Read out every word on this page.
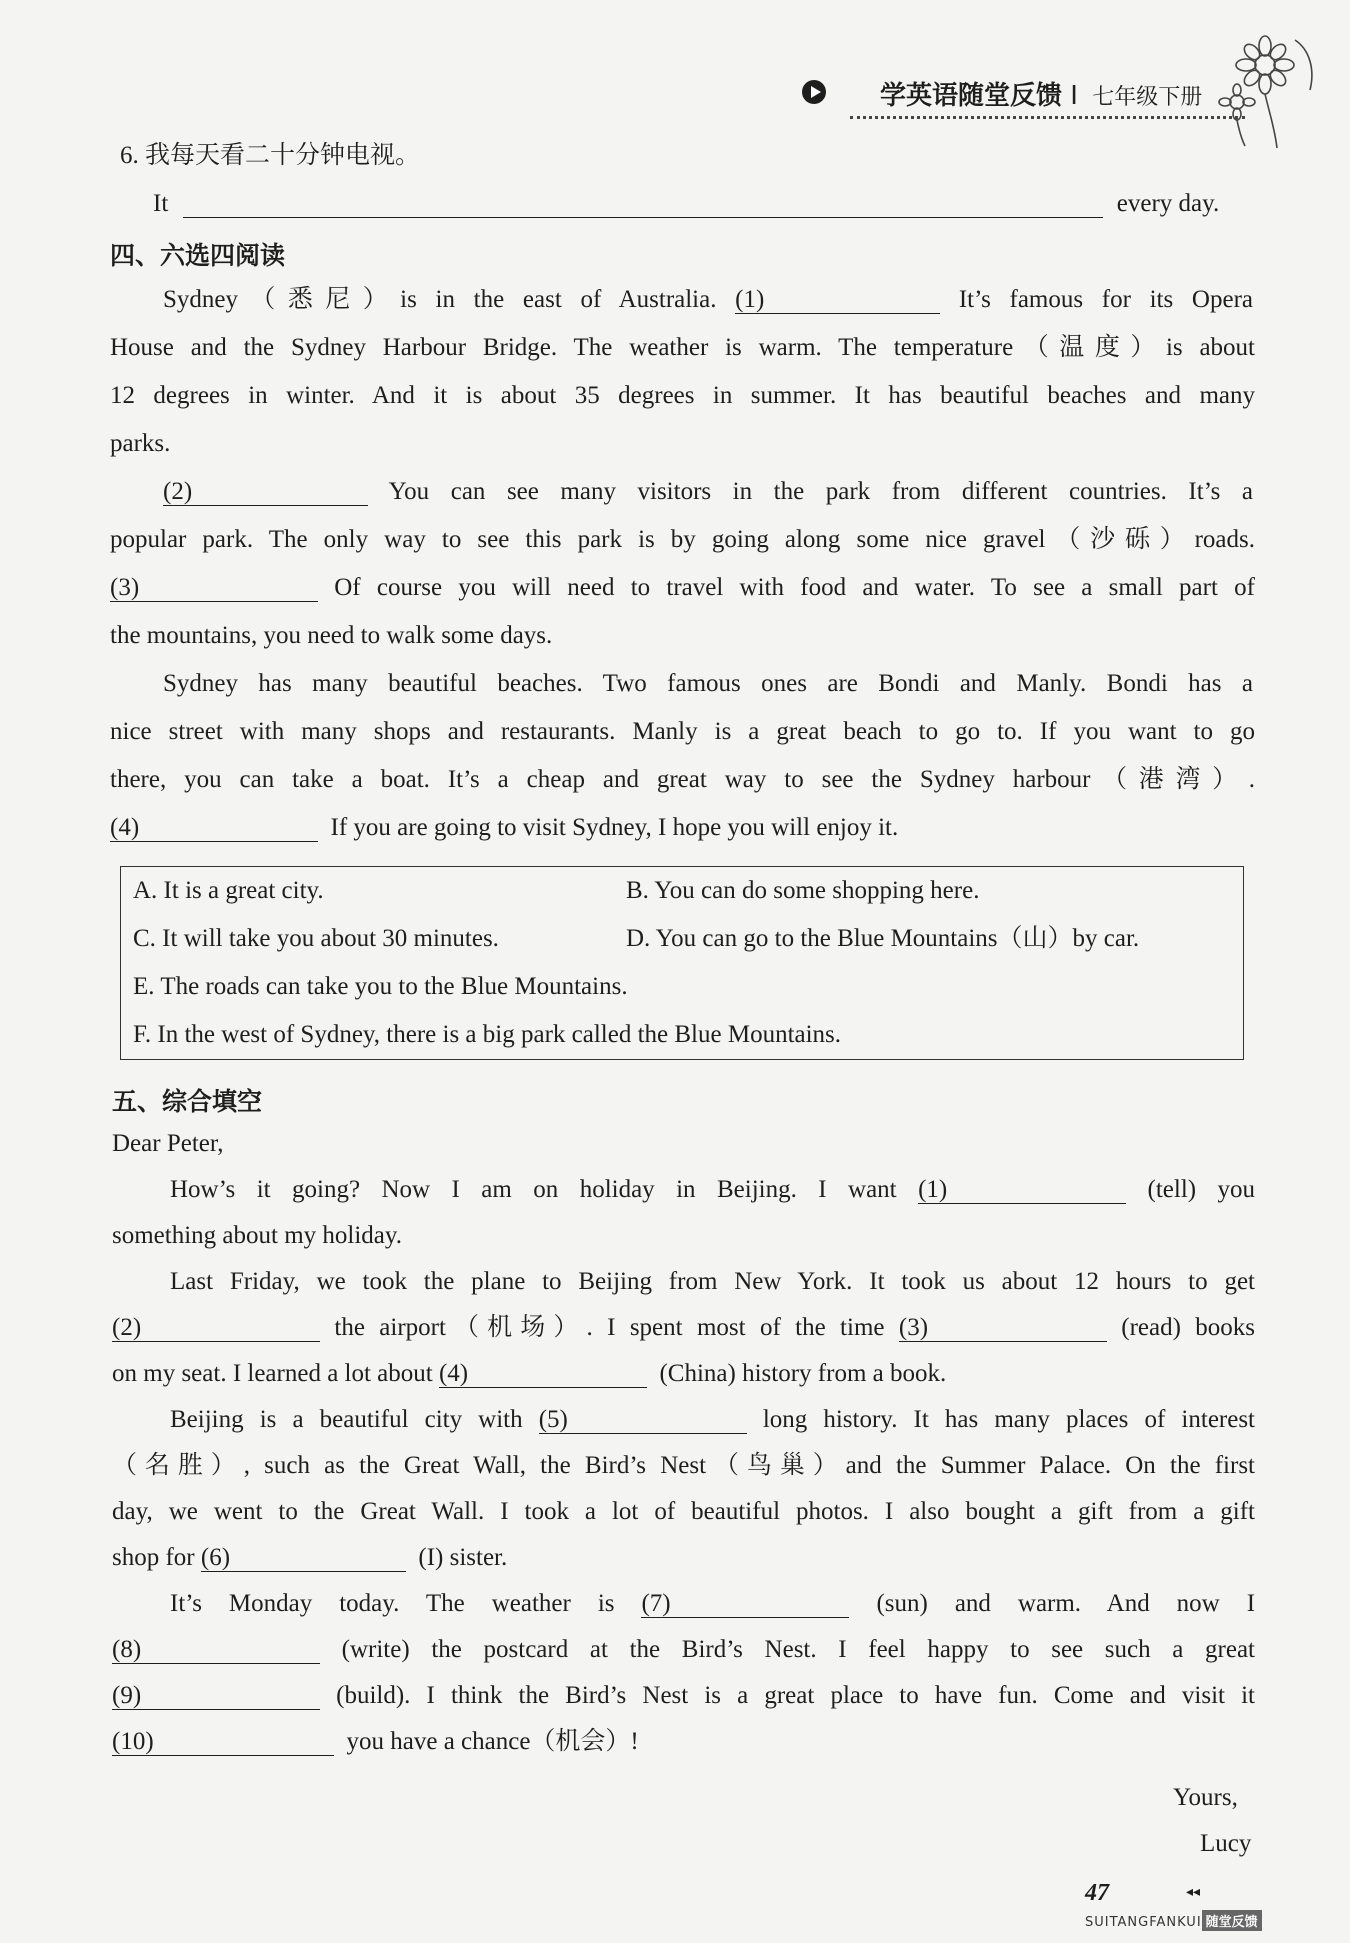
学英语随堂反馈 I 七年级下册
6. 我每天看二十分钟电视。
It	every day.
四、六选四阅读
Sydney（悉尼）is in the east of Australia. (1)	It’s famous for its Opera
House and the Sydney Harbour Bridge. The weather is warm. The temperature（温度）is about
12 degrees in winter. And it is about 35 degrees in summer. It has beautiful beaches and many
parks.
(2)	You can see many visitors in the park from different countries. It’s a
popular park. The only way to see this park is by going along some nice gravel（沙砾）roads.
(3)	Of course you will need to travel with food and water. To see a small part of
the mountains, you need to walk some days.
Sydney has many beautiful beaches. Two famous ones are Bondi and Manly. Bondi has a
nice street with many shops and restaurants. Manly is a great beach to go to. If you want to go
there, you can take a boat. It’s a cheap and great way to see the Sydney harbour（港湾）.
(4)	If you are going to visit Sydney, I hope you will enjoy it.
A. It is a great city.	B. You can do some shopping here.
C. It will take you about 30 minutes.	D. You can go to the Blue Mountains（山）by car.
E. The roads can take you to the Blue Mountains.
F. In the west of Sydney, there is a big park called the Blue Mountains.
五、综合填空
Dear Peter,
How’s it going? Now I am on holiday in Beijing. I want (1)	(tell) you
something about my holiday.
Last Friday, we took the plane to Beijing from New York. It took us about 12 hours to get
(2)	the airport（机场）. I spent most of the time (3)	(read) books
on my seat. I learned a lot about (4)	(China) history from a book.
Beijing is a beautiful city with (5)	long history. It has many places of interest
（名胜）, such as the Great Wall, the Bird’s Nest（鸟巢）and the Summer Palace. On the first
day, we went to the Great Wall. I took a lot of beautiful photos. I also bought a gift from a gift
shop for (6)	(I) sister.
It’s Monday today. The weather is (7)	(sun) and warm. And now I
(8)	(write) the postcard at the Bird’s Nest. I feel happy to see such a great
(9)	(build). I think the Bird’s Nest is a great place to have fun. Come and visit it
(10)	you have a chance（机会）!
Yours,
Lucy
47	◂◂
SUITANGFANKUI 随堂反馈
